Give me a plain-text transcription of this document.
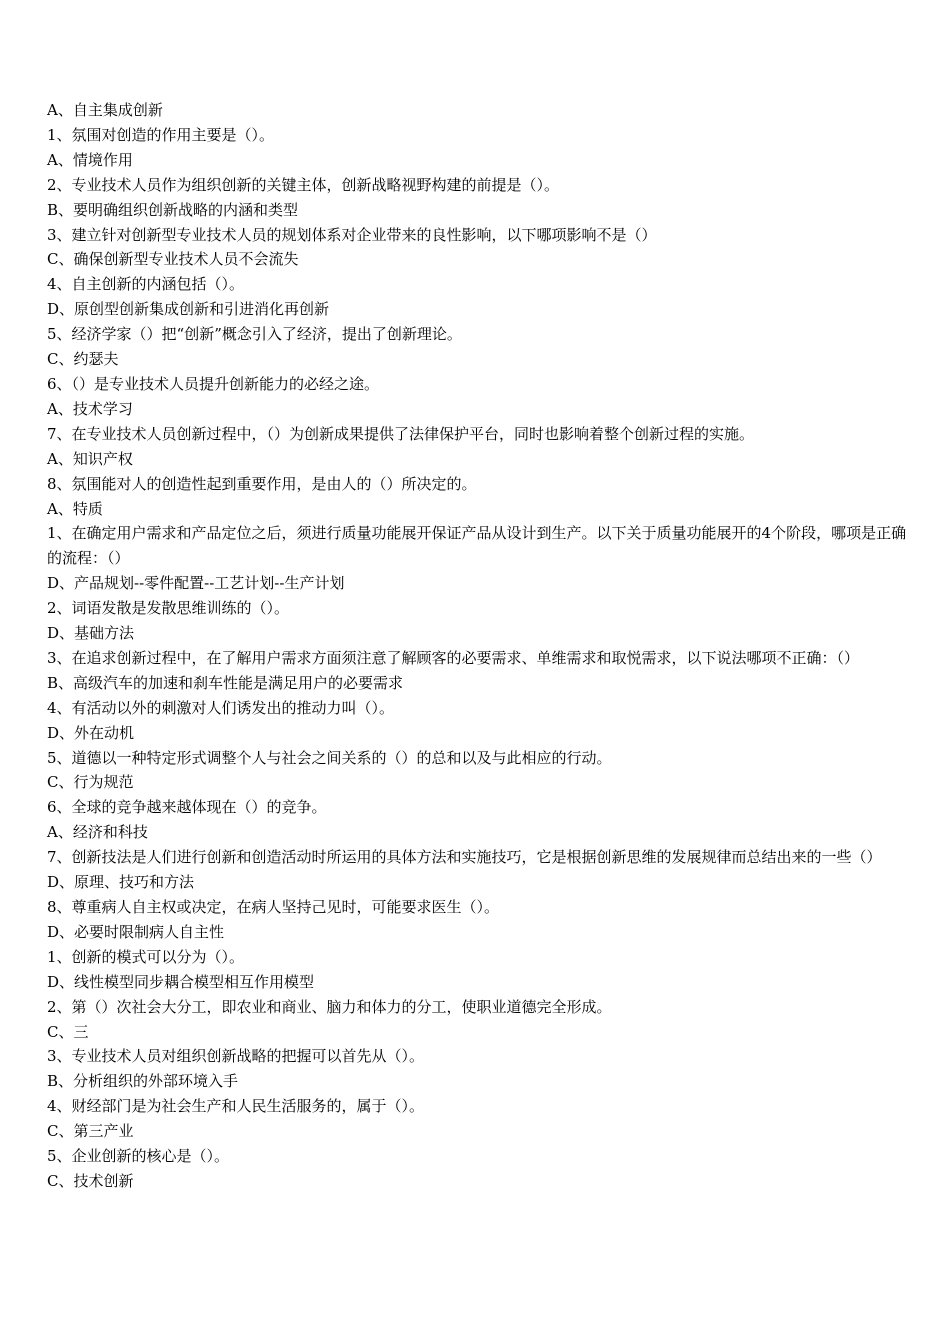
A、自主集成创新

1、氛围对创造的作用主要是（）。

A、情境作用

2、专业技术人员作为组织创新的关键主体，创新战略视野构建的前提是（）。

B、要明确组织创新战略的内涵和类型

3、建立针对创新型专业技术人员的规划体系对企业带来的良性影响，以下哪项影响不是（）

C、确保创新型专业技术人员不会流失

4、自主创新的内涵包括（）。

D、原创型创新集成创新和引进消化再创新

5、经济学家（）把“创新”概念引入了经济，提出了创新理论。

C、约瑟夫

6、（）是专业技术人员提升创新能力的必经之途。

A、技术学习

7、在专业技术人员创新过程中，（）为创新成果提供了法律保护平台，同时也影响着整个创新过程的实施。

A、知识产权

8、氛围能对人的创造性起到重要作用，是由人的（）所决定的。

A、特质

1、在确定用户需求和产品定位之后，须进行质量功能展开保证产品从设计到生产。以下关于质量功能展开的4个阶段，哪项是正确的流程：（）

D、产品规划--零件配置--工艺计划--生产计划

2、词语发散是发散思维训练的（）。

D、基础方法

3、在追求创新过程中，在了解用户需求方面须注意了解顾客的必要需求、单维需求和取悦需求，以下说法哪项不正确：（）

B、高级汽车的加速和刹车性能是满足用户的必要需求

4、有活动以外的刺激对人们诱发出的推动力叫（）。

D、外在动机

5、道德以一种特定形式调整个人与社会之间关系的（）的总和以及与此相应的行动。

C、行为规范

6、全球的竞争越来越体现在（）的竞争。

A、经济和科技

7、创新技法是人们进行创新和创造活动时所运用的具体方法和实施技巧，它是根据创新思维的发展规律而总结出来的一些（）

D、原理、技巧和方法

8、尊重病人自主权或决定，在病人坚持己见时，可能要求医生（）。

D、必要时限制病人自主性

1、创新的模式可以分为（）。

D、线性模型同步耦合模型相互作用模型

2、第（）次社会大分工，即农业和商业、脑力和体力的分工，使职业道德完全形成。

C、三

3、专业技术人员对组织创新战略的把握可以首先从（）。

B、分析组织的外部环境入手

4、财经部门是为社会生产和人民生活服务的，属于（）。

C、第三产业

5、企业创新的核心是（）。

C、技术创新
